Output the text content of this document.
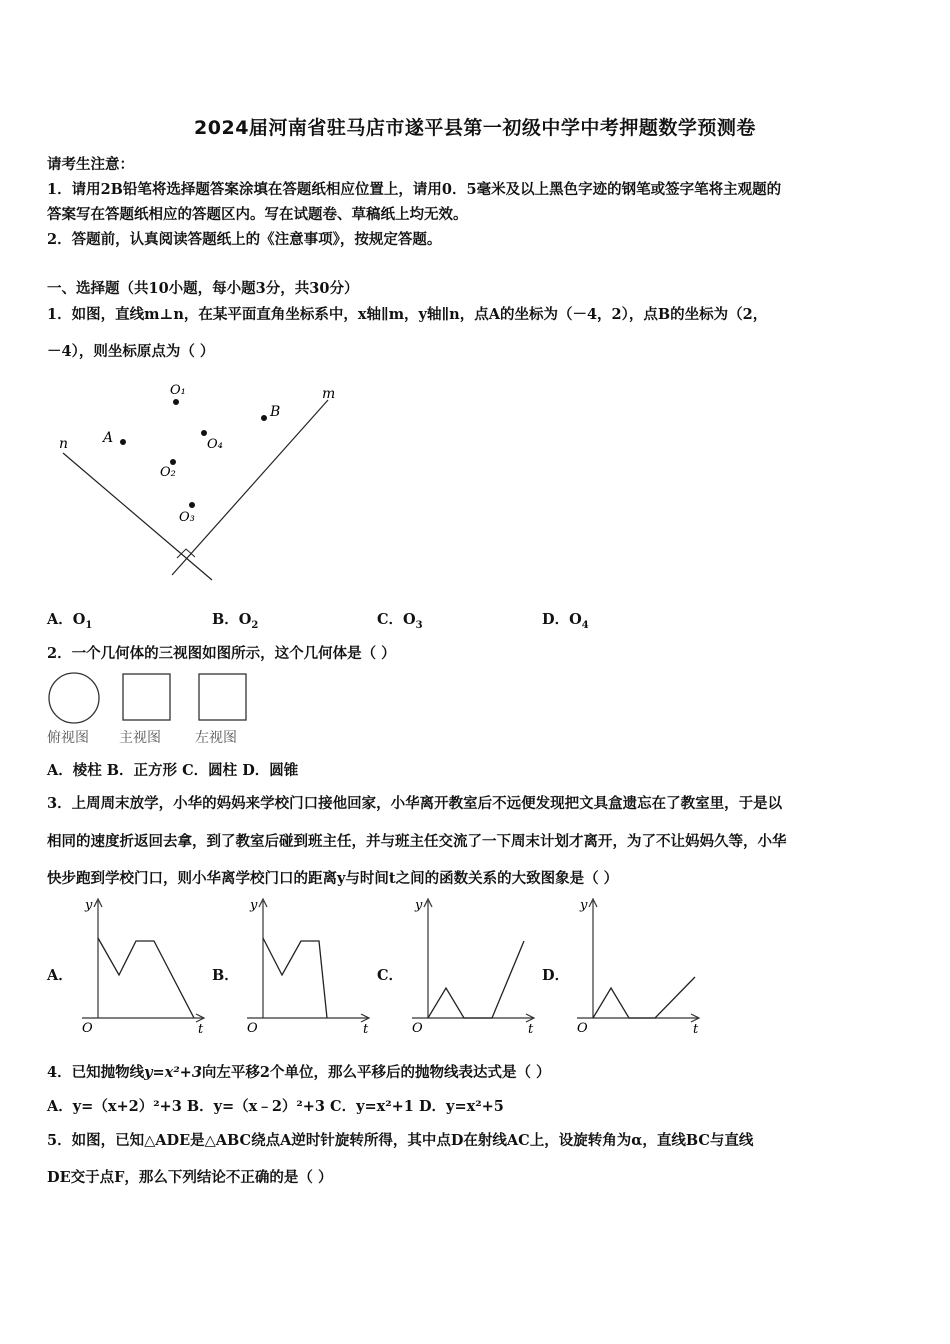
2024届河南省驻马店市遂平县第一初级中学中考押题数学预测卷
请考生注意：
1．请用2B铅笔将选择题答案涂填在答题纸相应位置上，请用0．5毫米及以上黑色字迹的钢笔或签字笔将主观题的
答案写在答题纸相应的答题区内。写在试题卷、草稿纸上均无效。
2．答题前，认真阅读答题纸上的《注意事项》，按规定答题。
一、选择题（共10小题，每小题3分，共30分）
1．如图，直线m⊥n，在某平面直角坐标系中，x轴∥m，y轴∥n，点A的坐标为（－4，2），点B的坐标为（2，
－4），则坐标原点为（ ）
n
m
A
B
O₁
O₂
O₃
O₄
A．$O_1$	B．$O_2$	C．$O_3$	D．$O_4$
2．一个几何体的三视图如图所示，这个几何体是（ ）
俯视图 主视图 左视图
A．棱柱 B．正方形 C．圆柱 D．圆锥
3．上周周末放学，小华的妈妈来学校门口接他回家，小华离开教室后不远便发现把文具盒遗忘在了教室里，于是以
相同的速度折返回去拿，到了教室后碰到班主任，并与班主任交流了一下周末计划才离开，为了不让妈妈久等，小华
快步跑到学校门口，则小华离学校门口的距离y与时间t之间的函数关系的大致图象是（ ）
A．	B．	C．	D．
y
t
O
y
t
O
y
t
O
y
t
O
4．已知抛物线y=x²+3向左平移2个单位，那么平移后的抛物线表达式是（ ）
A．y=（x+2）²+3 B．y=（x﹣2）²+3 C．y=x²+1 D．y=x²+5
5．如图，已知△ADE是△ABC绕点A逆时针旋转所得，其中点D在射线AC上，设旋转角为α，直线BC与直线
DE交于点F，那么下列结论不正确的是（ ）
